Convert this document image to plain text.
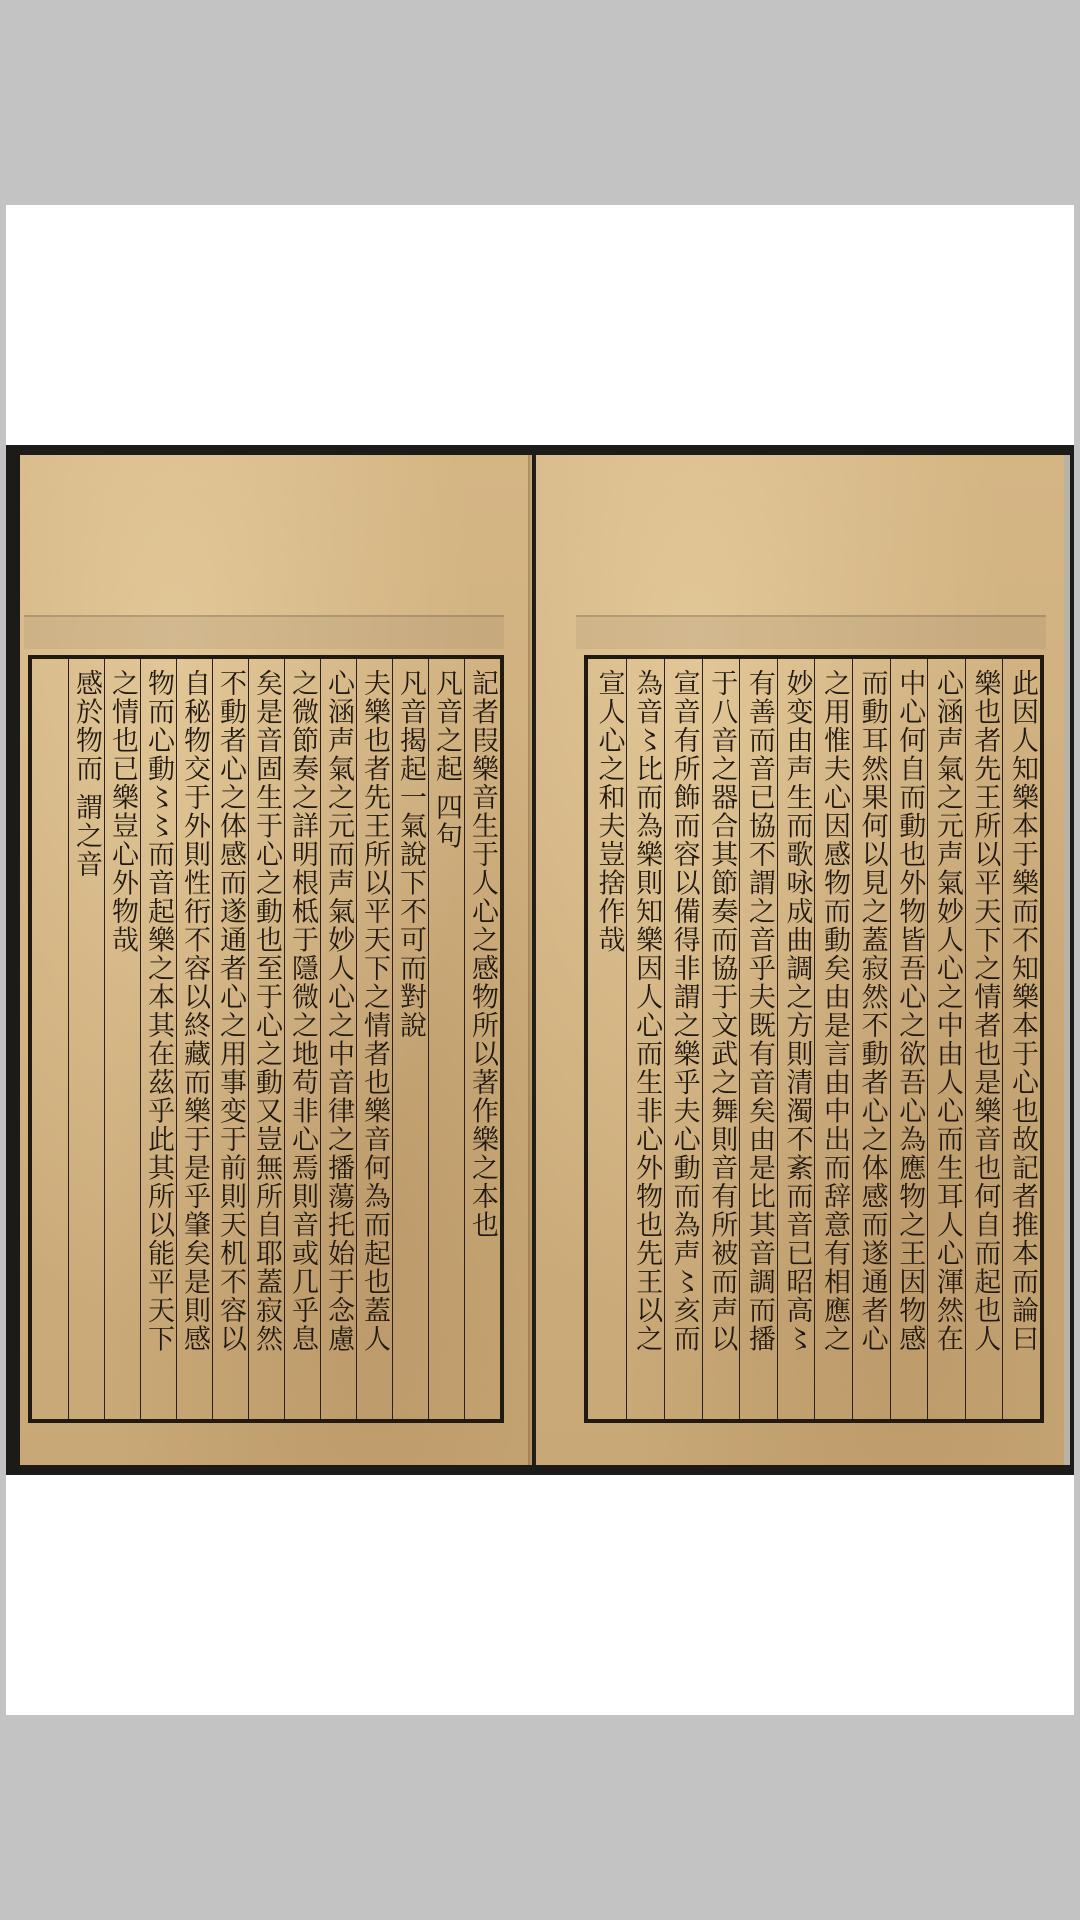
記者叚樂音生于人心之感物所以著作樂之本也
凡音之起 四句
凡音揭起一氣說下不可而對說
夫樂也者先王所以平天下之情者也樂音何為而起也蓋人
心涵声氣之元而声氣妙人心之中音律之播蕩托始于念慮
之微節奏之詳明根柢于隱微之地苟非心焉則音或几乎息
矣是音固生于心之動也至于心之動又豈無所自耶蓋寂然
不動者心之体感而遂通者心之用事变于前則天机不容以
自秘物交于外則性衎不容以終藏而樂于是乎肇矣是則感
物而心動〻〻而音起樂之本其在茲乎此其所以能平天下
之情也已樂豈心外物哉
感於物而 謂之音	此因人知樂本于樂而不知樂本于心也故記者推本而論曰
樂也者先王所以平天下之情者也是樂音也何自而起也人
心涵声氣之元声氣妙人心之中由人心而生耳人心渾然在
中心何自而動也外物皆吾心之欲吾心為應物之王因物感
而動耳然果何以見之蓋寂然不動者心之体感而遂通者心
之用惟夫心因感物而動矣由是言由中出而辞意有相應之
妙变由声生而歌咏成曲調之方則清濁不紊而音已昭高〻
有善而音已協不謂之音乎夫既有音矣由是比其音調而播
于八音之器合其節奏而協于文武之舞則音有所被而声以
宣音有所飾而容以備得非謂之樂乎夫心動而為声〻亥而
為音〻比而為樂則知樂因人心而生非心外物也先王以之
宣人心之和夫豈捨作哉
